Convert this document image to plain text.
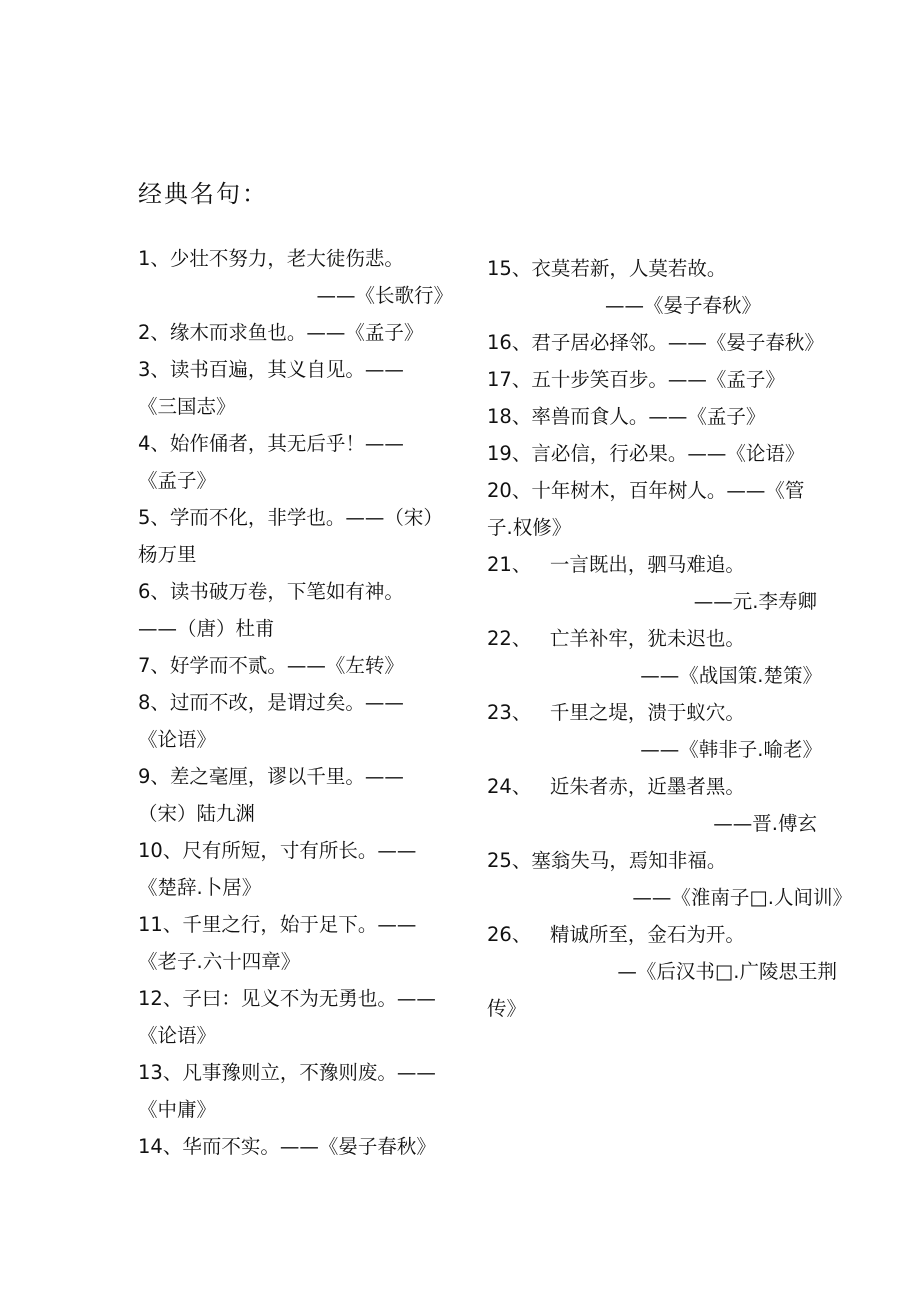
经典名句：
1、少壮不努力，老大徒伤悲。
——《长歌行》
2、缘木而求鱼也。——《孟子》
3、读书百遍，其义自见。——
《三国志》
4、始作俑者，其无后乎！——
《孟子》
5、学而不化，非学也。——（宋）
杨万里
6、读书破万卷，下笔如有神。
——（唐）杜甫
7、好学而不贰。——《左转》
8、过而不改，是谓过矣。——
《论语》
9、差之毫厘，谬以千里。——
（宋）陆九渊
10、尺有所短，寸有所长。——
《楚辞.卜居》
11、千里之行，始于足下。——
《老子.六十四章》
12、子曰：见义不为无勇也。——
《论语》
13、凡事豫则立，不豫则废。——
《中庸》
14、华而不实。——《晏子春秋》
15、衣莫若新，人莫若故。
——《晏子春秋》
16、君子居必择邻。——《晏子春秋》
17、五十步笑百步。——《孟子》
18、率兽而食人。——《孟子》
19、言必信，行必果。——《论语》
20、十年树木，百年树人。——《管
子.权修》
21、   一言既出，驷马难追。
——元.李寿卿
22、   亡羊补牢，犹未迟也。
——《战国策.楚策》
23、   千里之堤，溃于蚁穴。
——《韩非子.喻老》
24、   近朱者赤，近墨者黑。
——晋.傅玄
25、塞翁失马，焉知非福。
——《淮南子□.人间训》
26、   精诚所至，金石为开。
—《后汉书□.广陵思王荆
传》
